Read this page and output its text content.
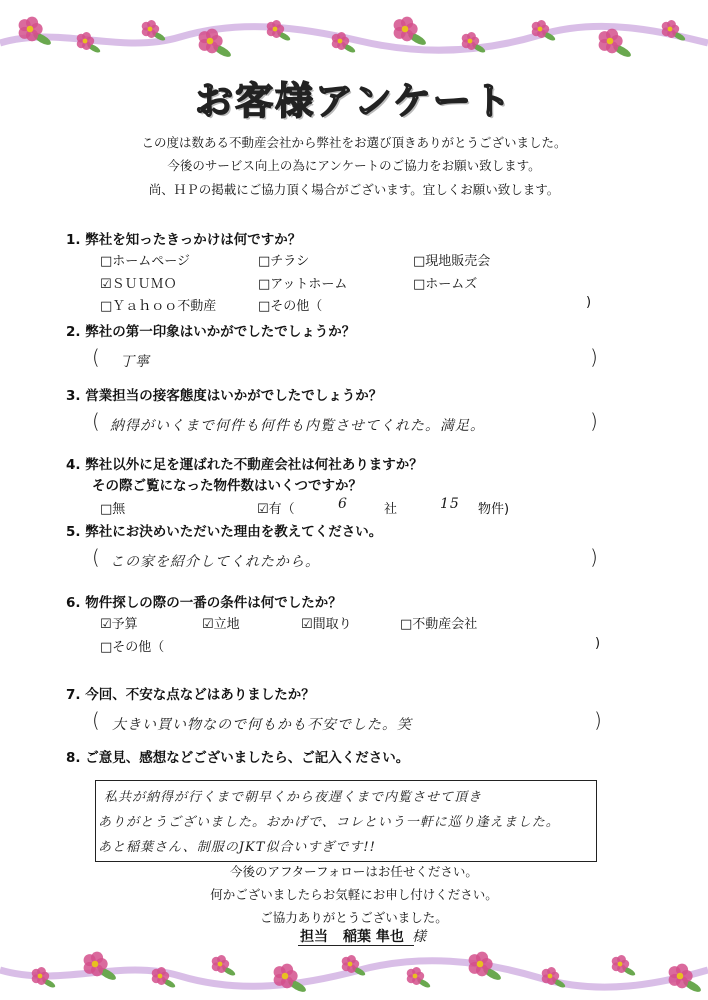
お客様アンケート
この度は数ある不動産会社から弊社をお選び頂きありがとうございました。
今後のサービス向上の為にアンケートのご協力をお願い致します。
尚、ＨＰの掲載にご協力頂く場合がございます。宜しくお願い致します。
1. 弊社を知ったきっかけは何ですか？
□ホームページ	□チラシ	□現地販売会
☑ＳＵＵＭＯ	□アットホーム	□ホームズ
□Ｙａｈｏｏ不動産	□その他（	)
2. 弊社の第一印象はいかがでしたでしょうか？
( 丁寧	)
3. 営業担当の接客態度はいかがでしたでしょうか？
( 納得がいくまで何件も何件も内覧させてくれた。満足。	)
4. 弊社以外に足を運ばれた不動産会社は何社ありますか？
その際ご覧になった物件数はいくつですか？
□無	☑有（	6	社	15 物件)
5. 弊社にお決めいただいた理由を教えてください。
( この家を紹介してくれたから。	)
6. 物件探しの際の一番の条件は何でしたか？
☑予算	☑立地	☑間取り	□不動産会社
□その他（	)
7. 今回、不安な点などはありましたか？
( 大きい買い物なので何もかも不安でした。笑	)
8. ご意見、感想などございましたら、ご記入ください。
私共が納得が行くまで朝早くから夜遅くまで内覧させて頂き
ありがとうございました。おかげで、コレという一軒に巡り逢えました。
あと稲葉さん、制服のJKT似合いすぎです!!
今後のアフターフォローはお任せください。
何かございましたらお気軽にお申し付けください。
ご協力ありがとうございました。
担当 稲葉 隼也 様
